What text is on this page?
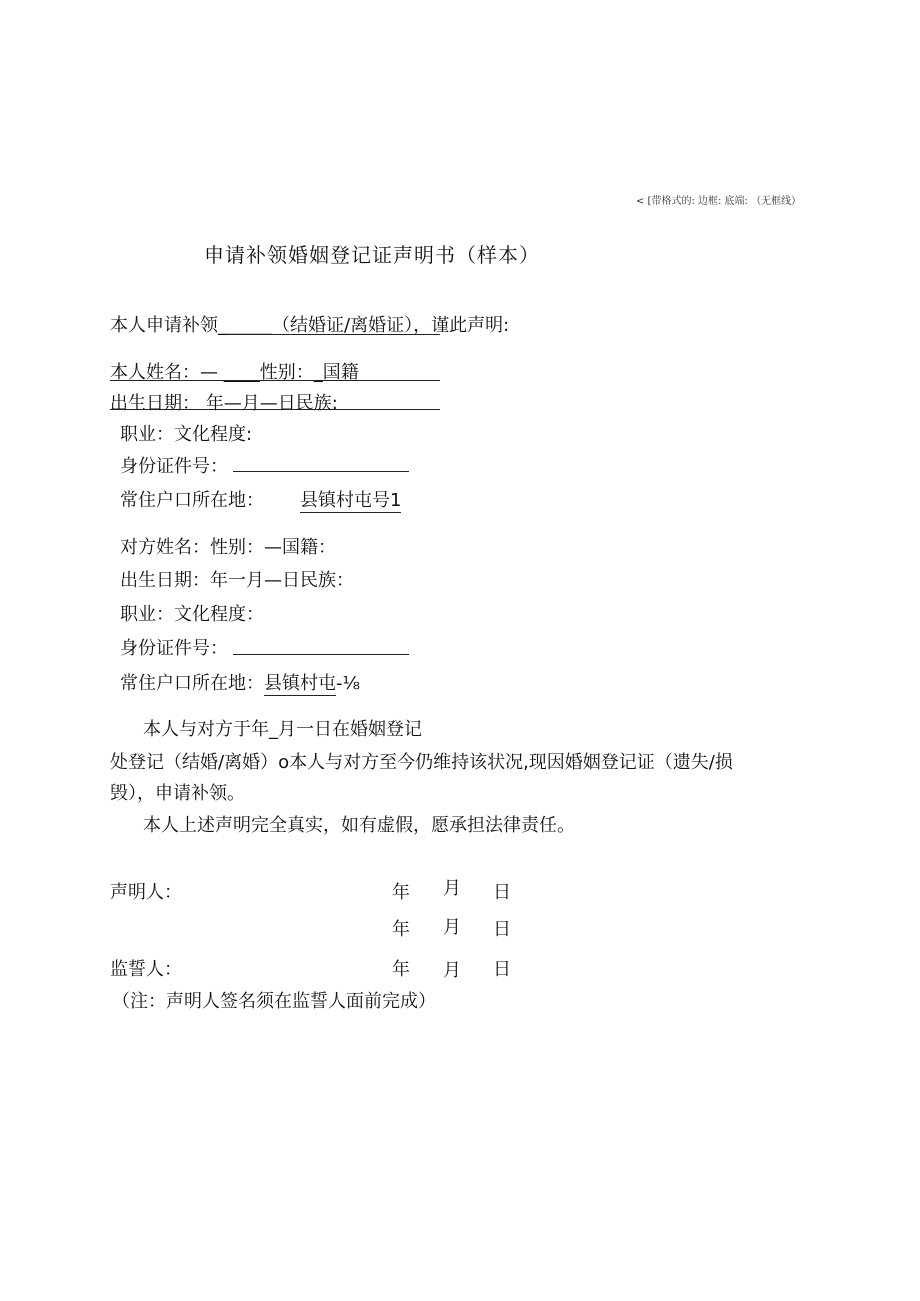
< [带格式的: 边框: 底端: （无框线）
申请补领婚姻登记证声明书（样本）
本人申请补领______（结婚证/离婚证），谨此声明:
本人姓名：— ____性别：_国籍
出生日期： 年—月—日民族:
职业：文化程度:
身份证件号：
常住户口所在地： 县镇村屯号1
对方姓名：性别：—国籍：
出生日期：年一月—日民族：
职业：文化程度：
身份证件号：
常住户口所在地：县镇村屯-⅛
本人与对方于年_月一日在婚姻登记
处登记（结婚/离婚）o本人与对方至今仍维持该状况,现因婚姻登记证（遗失/损
毁），申请补领。
本人上述声明完全真实，如有虚假，愿承担法律责任。
声明人：	年 月 日
年 月 日
监誓人：	年 月 日
（注：声明人签名须在监誓人面前完成）
